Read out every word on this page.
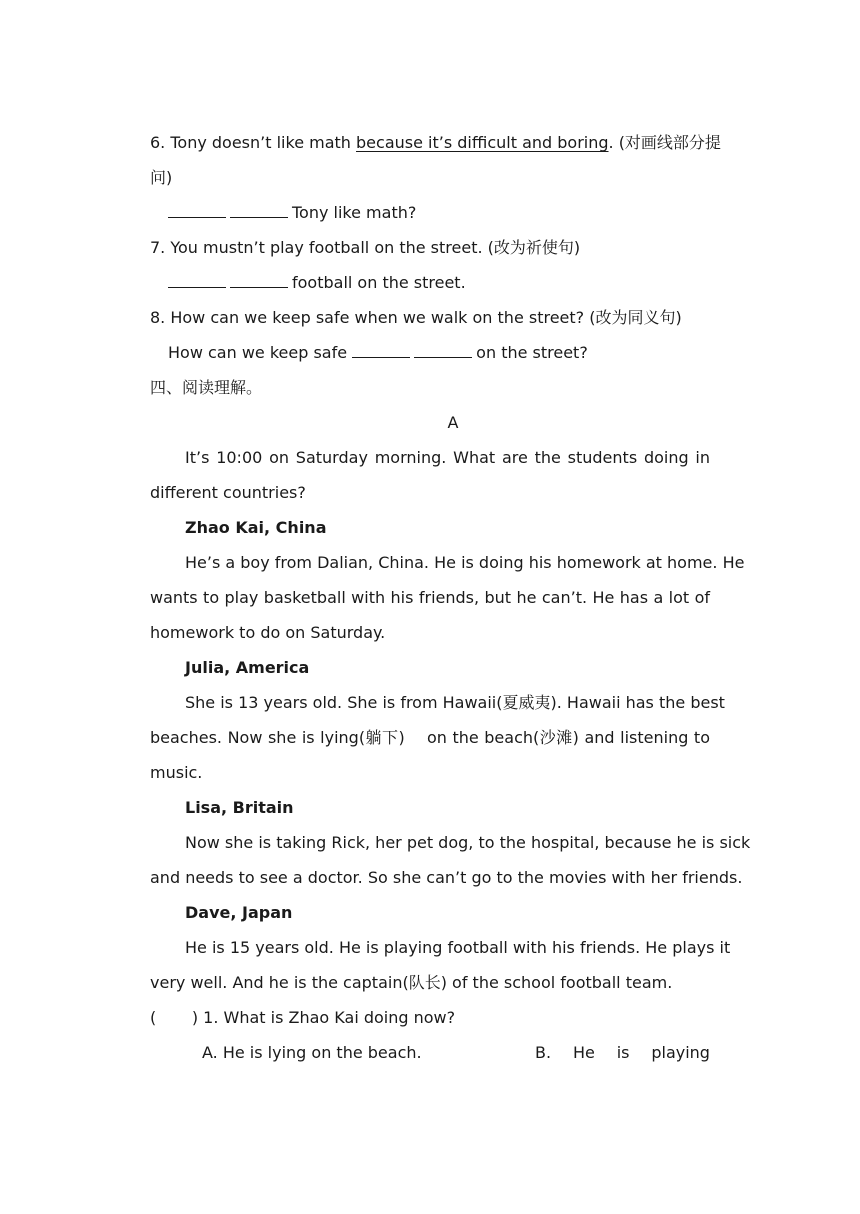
6. Tony doesn’t like math because it’s difficult and boring. (对画线部分提
问)
Tony like math?
7. You mustn’t play football on the street. (改为祈使句)
football on the street.
8. How can we keep safe when we walk on the street? (改为同义句)
How can we keep safe	on the street?
四、阅读理解。
A
It’s 10:00 on Saturday morning. What are the students doing in
different countries?
Zhao Kai, China
He’s a boy from Dalian, China. He is doing his homework at home. He
wants to play basketball with his friends, but he can’t. He has a lot of
homework to do on Saturday.
Julia, America
She is 13 years old. She is from Hawaii(夏威夷). Hawaii has the best
beaches. Now she is lying(躺下)    on the beach(沙滩) and listening to
music.
Lisa, Britain
Now she is taking Rick, her pet dog, to the hospital, because he is sick
and needs to see a doctor. So she can’t go to the movies with her friends.
Dave, Japan
He is 15 years old. He is playing football with his friends. He plays it
very well. And he is the captain(队长) of the school football team.
(       ) 1. What is Zhao Kai doing now?
A. He is lying on the beach.	B. He is playing
